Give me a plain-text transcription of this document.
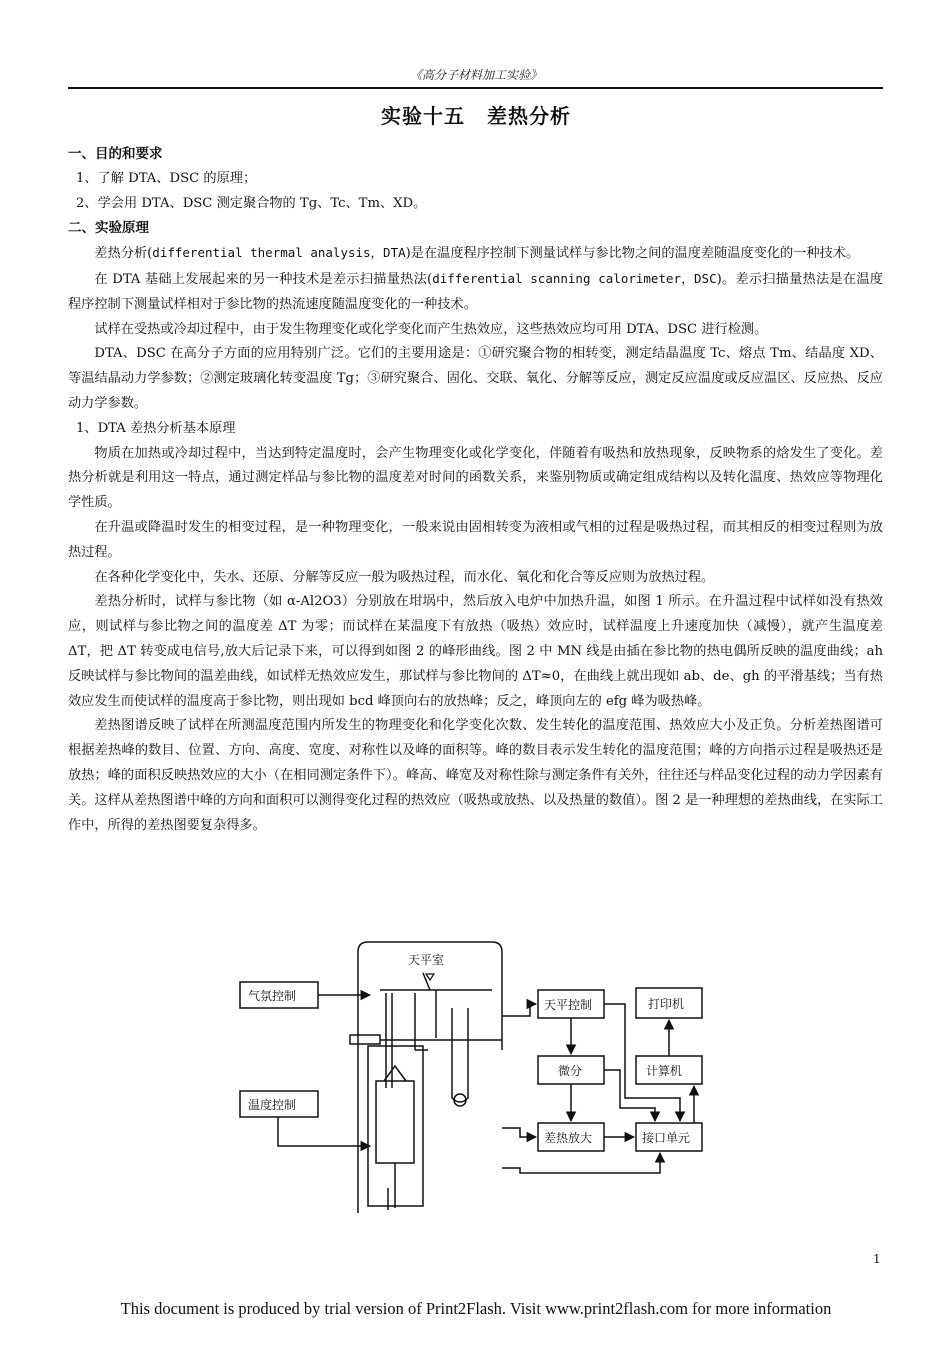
《高分子材料加工实验》
实验十五 差热分析

一、目的和要求

1、了解 DTA、DSC 的原理；

2、学会用 DTA、DSC 测定聚合物的 Tg、Tc、Tm、XD。

二、实验原理

差热分析(differential thermal analysis，DTA)是在温度程序控制下测量试样与参比物之间的温度差随温度变化的一种技术。

在 DTA 基础上发展起来的另一种技术是差示扫描量热法(differential scanning calorimeter，DSC)。差示扫描量热法是在温度程序控制下测量试样相对于参比物的热流速度随温度变化的一种技术。

试样在受热或冷却过程中，由于发生物理变化或化学变化而产生热效应，这些热效应均可用 DTA、DSC 进行检测。

DTA、DSC 在高分子方面的应用特别广泛。它们的主要用途是：①研究聚合物的相转变，测定结晶温度 Tc、熔点 Tm、结晶度 XD、等温结晶动力学参数；②测定玻璃化转变温度 Tg；③研究聚合、固化、交联、氧化、分解等反应，测定反应温度或反应温区、反应热、反应动力学参数。

1、DTA 差热分析基本原理

物质在加热或冷却过程中，当达到特定温度时，会产生物理变化或化学变化，伴随着有吸热和放热现象，反映物系的焓发生了变化。差热分析就是利用这一特点，通过测定样品与参比物的温度差对时间的函数关系，来鉴别物质或确定组成结构以及转化温度、热效应等物理化学性质。

在升温或降温时发生的相变过程，是一种物理变化，一般来说由固相转变为液相或气相的过程是吸热过程，而其相反的相变过程则为放热过程。

在各种化学变化中，失水、还原、分解等反应一般为吸热过程，而水化、氧化和化合等反应则为放热过程。

差热分析时，试样与参比物（如 α-Al2O3）分别放在坩埚中，然后放入电炉中加热升温，如图 1 所示。在升温过程中试样如没有热效应，则试样与参比物之间的温度差 ΔT 为零；而试样在某温度下有放热（吸热）效应时，试样温度上升速度加快（减慢），就产生温度差 ΔT，把 ΔT 转变成电信号,放大后记录下来，可以得到如图 2 的峰形曲线。图 2 中 MN 线是由插在参比物的热电偶所反映的温度曲线；ah 反映试样与参比物间的温差曲线，如试样无热效应发生，那试样与参比物间的 ΔT≈0，在曲线上就出现如 ab、de、gh 的平滑基线；当有热效应发生而使试样的温度高于参比物，则出现如 bcd 峰顶向右的放热峰；反之，峰顶向左的 efg 峰为吸热峰。

差热图谱反映了试样在所测温度范围内所发生的物理变化和化学变化次数、发生转化的温度范围、热效应大小及正负。分析差热图谱可根据差热峰的数目、位置、方向、高度、宽度、对称性以及峰的面积等。峰的数目表示发生转化的温度范围；峰的方向指示过程是吸热还是放热；峰的面积反映热效应的大小（在相同测定条件下）。峰高、峰宽及对称性除与测定条件有关外，往往还与样品变化过程的动力学因素有关。这样从差热图谱中峰的方向和面积可以测得变化过程的热效应（吸热或放热、以及热量的数值）。图 2 是一种理想的差热曲线，在实际工作中，所得的差热图要复杂得多。

天平室
气氛控制
温度控制
天平控制	打印机
微分	计算机
差热放大	接口单元
1
This document is produced by trial version of Print2Flash. Visit www.print2flash.com for more information
